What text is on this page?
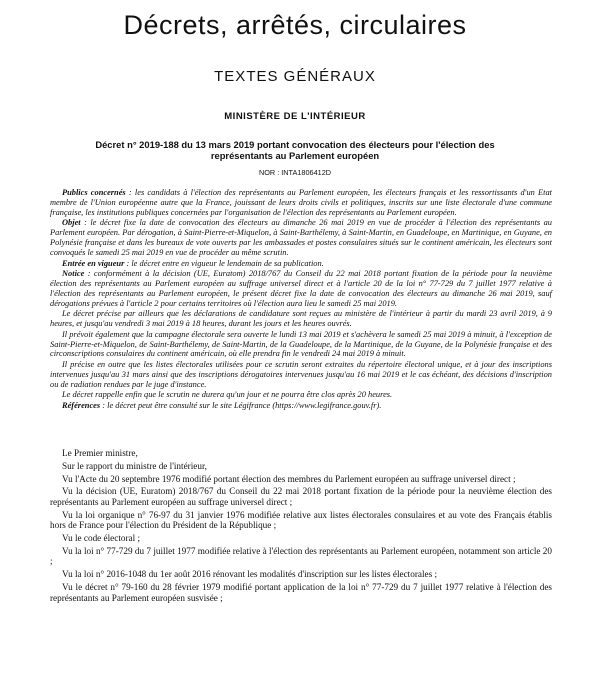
Décrets, arrêtés, circulaires
TEXTES GÉNÉRAUX
MINISTÈRE DE L'INTÉRIEUR
Décret n° 2019-188 du 13 mars 2019 portant convocation des électeurs pour l'élection des représentants au Parlement européen
NOR : INTA1806412D

Publics concernés : les candidats à l'élection des représentants au Parlement européen, les électeurs français et les ressortissants d'un Etat membre de l'Union européenne autre que la France, jouissant de leurs droits civils et politiques, inscrits sur une liste électorale d'une commune française, les institutions publiques concernées par l'organisation de l'élection des représentants au Parlement européen.

Objet : le décret fixe la date de convocation des électeurs au dimanche 26 mai 2019 en vue de procéder à l'élection des représentants au Parlement européen. Par dérogation, à Saint-Pierre-et-Miquelon, à Saint-Barthélemy, à Saint-Martin, en Guadeloupe, en Martinique, en Guyane, en Polynésie française et dans les bureaux de vote ouverts par les ambassades et postes consulaires situés sur le continent américain, les électeurs sont convoqués le samedi 25 mai 2019 en vue de procéder au même scrutin.

Entrée en vigueur : le décret entre en vigueur le lendemain de sa publication.

Notice : conformément à la décision (UE, Euratom) 2018/767 du Conseil du 22 mai 2018 portant fixation de la période pour la neuvième élection des représentants au Parlement européen au suffrage universel direct et à l'article 20 de la loi n° 77-729 du 7 juillet 1977 relative à l'élection des représentants au Parlement européen, le présent décret fixe la date de convocation des électeurs au dimanche 26 mai 2019, sauf dérogations prévues à l'article 2 pour certains territoires où l'élection aura lieu le samedi 25 mai 2019.

Le décret précise par ailleurs que les déclarations de candidature sont reçues au ministère de l'intérieur à partir du mardi 23 avril 2019, à 9 heures, et jusqu'au vendredi 3 mai 2019 à 18 heures, durant les jours et les heures ouvrés.

Il prévoit également que la campagne électorale sera ouverte le lundi 13 mai 2019 et s'achèvera le samedi 25 mai 2019 à minuit, à l'exception de Saint-Pierre-et-Miquelon, de Saint-Barthélemy, de Saint-Martin, de la Guadeloupe, de la Martinique, de la Guyane, de la Polynésie française et des circonscriptions consulaires du continent américain, où elle prendra fin le vendredi 24 mai 2019 à minuit.

Il précise en outre que les listes électorales utilisées pour ce scrutin seront extraites du répertoire électoral unique, et à jour des inscriptions intervenues jusqu'au 31 mars ainsi que des inscriptions dérogatoires intervenues jusqu'au 16 mai 2019 et le cas échéant, des décisions d'inscription ou de radiation rendues par le juge d'instance.

Le décret rappelle enfin que le scrutin ne durera qu'un jour et ne pourra être clos après 20 heures.

Références : le décret peut être consulté sur le site Légifrance (https://www.legifrance.gouv.fr).

Le Premier ministre,

Sur le rapport du ministre de l'intérieur,

Vu l'Acte du 20 septembre 1976 modifié portant élection des membres du Parlement européen au suffrage universel direct ;

Vu la décision (UE, Euratom) 2018/767 du Conseil du 22 mai 2018 portant fixation de la période pour la neuvième élection des représentants au Parlement européen au suffrage universel direct ;

Vu la loi organique n° 76-97 du 31 janvier 1976 modifiée relative aux listes électorales consulaires et au vote des Français établis hors de France pour l'élection du Président de la République ;

Vu le code électoral ;

Vu la loi n° 77-729 du 7 juillet 1977 modifiée relative à l'élection des représentants au Parlement européen, notamment son article 20 ;

Vu la loi n° 2016-1048 du 1er août 2016 rénovant les modalités d'inscription sur les listes électorales ;

Vu le décret n° 79-160 du 28 février 1979 modifié portant application de la loi n° 77-729 du 7 juillet 1977 relative à l'élection des représentants au Parlement européen susvisée ;
